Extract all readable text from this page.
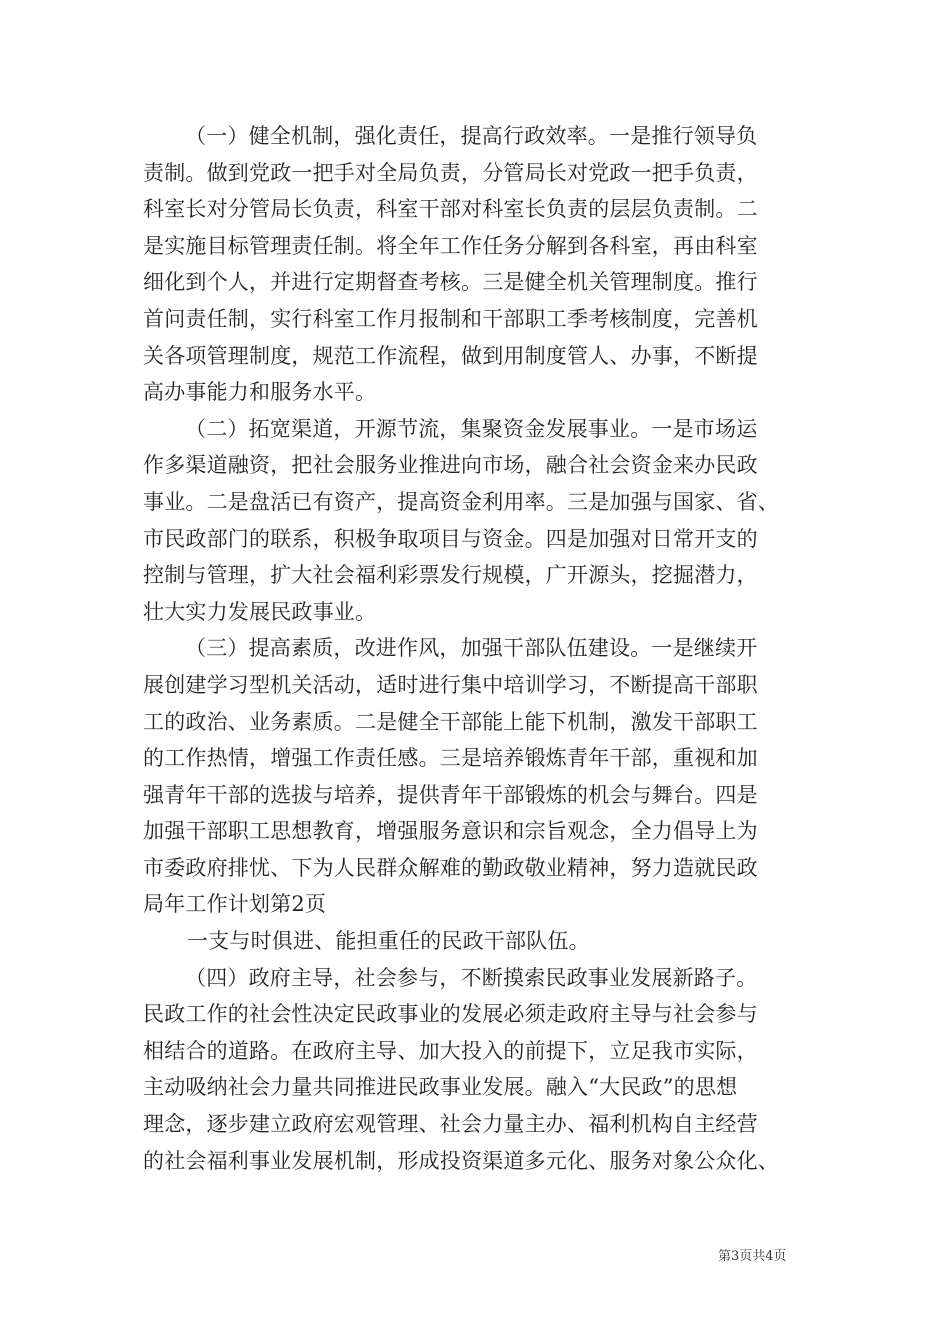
（一）健全机制，强化责任，提高行政效率。一是推行领导负
责制。做到党政一把手对全局负责，分管局长对党政一把手负责，
科室长对分管局长负责，科室干部对科室长负责的层层负责制。二
是实施目标管理责任制。将全年工作任务分解到各科室，再由科室
细化到个人，并进行定期督查考核。三是健全机关管理制度。推行
首问责任制，实行科室工作月报制和干部职工季考核制度，完善机
关各项管理制度，规范工作流程，做到用制度管人、办事，不断提
高办事能力和服务水平。
（二）拓宽渠道，开源节流，集聚资金发展事业。一是市场运
作多渠道融资，把社会服务业推进向市场，融合社会资金来办民政
事业。二是盘活已有资产，提高资金利用率。三是加强与国家、省、
市民政部门的联系，积极争取项目与资金。四是加强对日常开支的
控制与管理，扩大社会福利彩票发行规模，广开源头，挖掘潜力，
壮大实力发展民政事业。
（三）提高素质，改进作风，加强干部队伍建设。一是继续开
展创建学习型机关活动，适时进行集中培训学习，不断提高干部职
工的政治、业务素质。二是健全干部能上能下机制，激发干部职工
的工作热情，增强工作责任感。三是培养锻炼青年干部，重视和加
强青年干部的选拔与培养，提供青年干部锻炼的机会与舞台。四是
加强干部职工思想教育，增强服务意识和宗旨观念，全力倡导上为
市委政府排忧、下为人民群众解难的勤政敬业精神，努力造就民政
局年工作计划第2页
一支与时俱进、能担重任的民政干部队伍。
（四）政府主导，社会参与，不断摸索民政事业发展新路子。
民政工作的社会性决定民政事业的发展必须走政府主导与社会参与
相结合的道路。在政府主导、加大投入的前提下，立足我市实际，
主动吸纳社会力量共同推进民政事业发展。融入“大民政”的思想
理念，逐步建立政府宏观管理、社会力量主办、福利机构自主经营
的社会福利事业发展机制，形成投资渠道多元化、服务对象公众化、
第3页共4页
